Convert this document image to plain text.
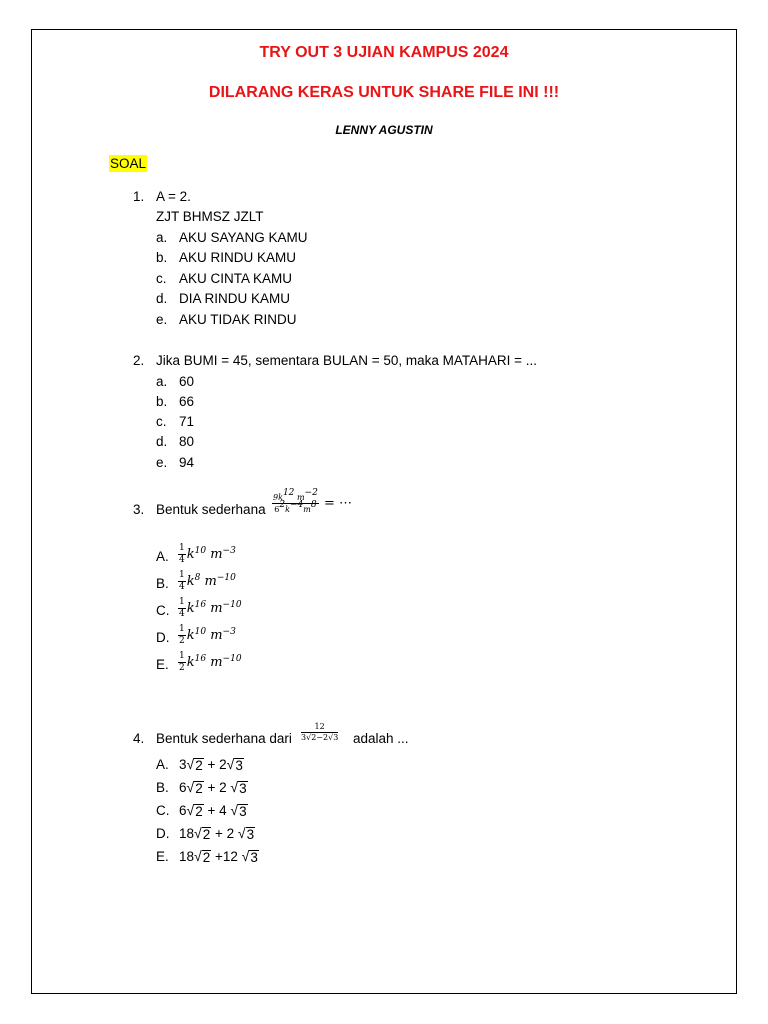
TRY OUT 3 UJIAN KAMPUS 2024
DILARANG KERAS UNTUK SHARE FILE INI !!!
LENNY AGUSTIN
SOAL
1. A = 2.
ZJT BHMSZ JZLT
a. AKU SAYANG KAMU
b. AKU RINDU KAMU
c. AKU CINTA KAMU
d. DIA RINDU KAMU
e. AKU TIDAK RINDU
2. Jika BUMI = 45, sementara BULAN = 50, maka MATAHARI = ...
a. 60
b. 66
c. 71
d. 80
e. 94
3. Bentuk sederhana $\frac{9k^{12} m^{-2}}{6^2k^{-4}m^8}$ = ⋯
A. $\frac{1}{4} k^{10}$ $m^{-3}$
B. $\frac{1}{4} k^8$ $m^{-10}$
C. $\frac{1}{4} k^{16}$ $m^{-10}$
D. $\frac{1}{2} k^{10}$ $m^{-3}$
E. $\frac{1}{2} k^{16}$ $m^{-10}$
4. Bentuk sederhana dari $\frac{12}{3√2-2√3}$ adalah ...
A. 3 √ 2 + 2 √ 3
B. 6 √ 2 + 2 √ 3
C. 6 √ 2 + 4 √ 3
D. 18 √ 2 + 2 √ 3
E. 18 √ 2 +12 √ 3
